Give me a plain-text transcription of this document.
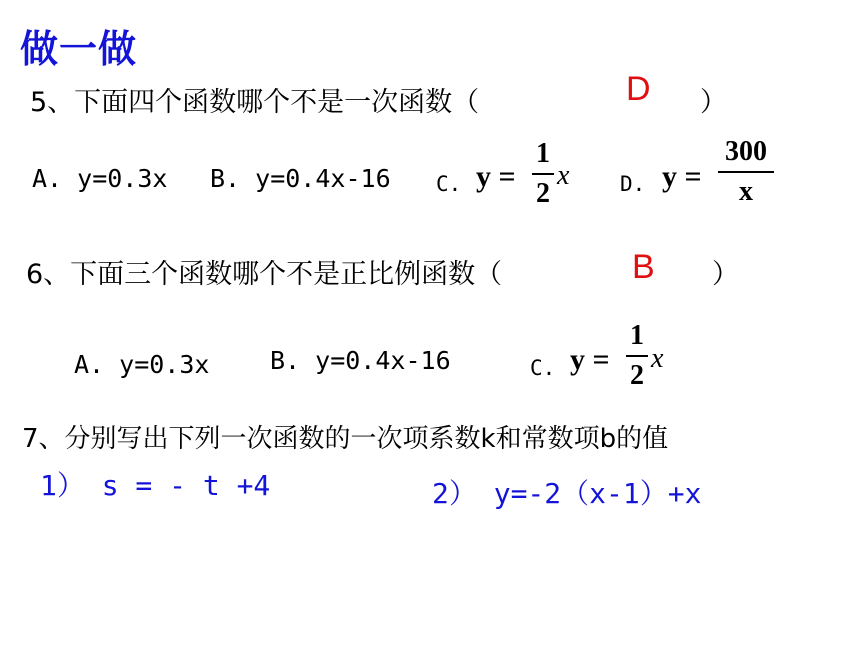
做一做
5、下面四个函数哪个不是一次函数（	D ）
A. y=0.3x B. y=0.4x-16 C. y =
1
2
x D. y =
300
x
6、下面三个函数哪个不是正比例函数（	B ）
A. y=0.3x B. y=0.4x-16	C. y =
1
2
x
7、分别写出下列一次函数的一次项系数k和常数项b的值
1） s = - t +4	2） y=-2（x-1）+x
